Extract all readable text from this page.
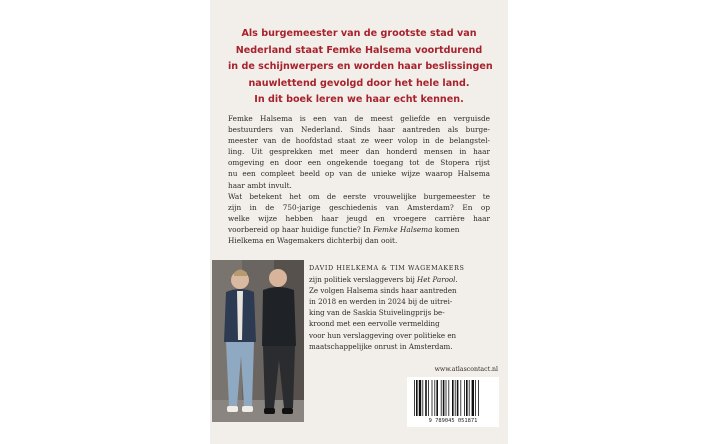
Als burgemeester van de grootste stad van
Nederland staat Femke Halsema voortdurend
in de schijnwerpers en worden haar beslissingen
nauwlettend gevolgd door het hele land.
In dit boek leren we haar echt kennen.
Femke Halsema is een van de meest geliefde en verguisde
bestuurders van Nederland. Sinds haar aantreden als burge-
meester van de hoofdstad staat ze weer volop in de belangstel-
ling. Uit gesprekken met meer dan honderd mensen in haar
omgeving en door een ongekende toegang tot de Stopera rijst
nu een compleet beeld op van de unieke wijze waarop Halsema
haar ambt invult.
Wat betekent het om de eerste vrouwelijke burgemeester te
zijn in de 750-jarige geschiedenis van Amsterdam? En op
welke wijze hebben haar jeugd en vroegere carrière haar
voorbereid op haar huidige functie? In Femke Halsema komen
Hielkema en Wagemakers dichterbij dan ooit.
DAVID HIELKEMA & TIM WAGEMAKERS
zijn politiek verslaggevers bij Het Parool.
Ze volgen Halsema sinds haar aantreden
in 2018 en werden in 2024 bij de uitrei-
king van de Saskia Stuivelingprijs be-
kroond met een eervolle vermelding
voor hun verslaggeving over politieke en
maatschappelijke onrust in Amsterdam.
www.atlascontact.nl
9 789045 051871
